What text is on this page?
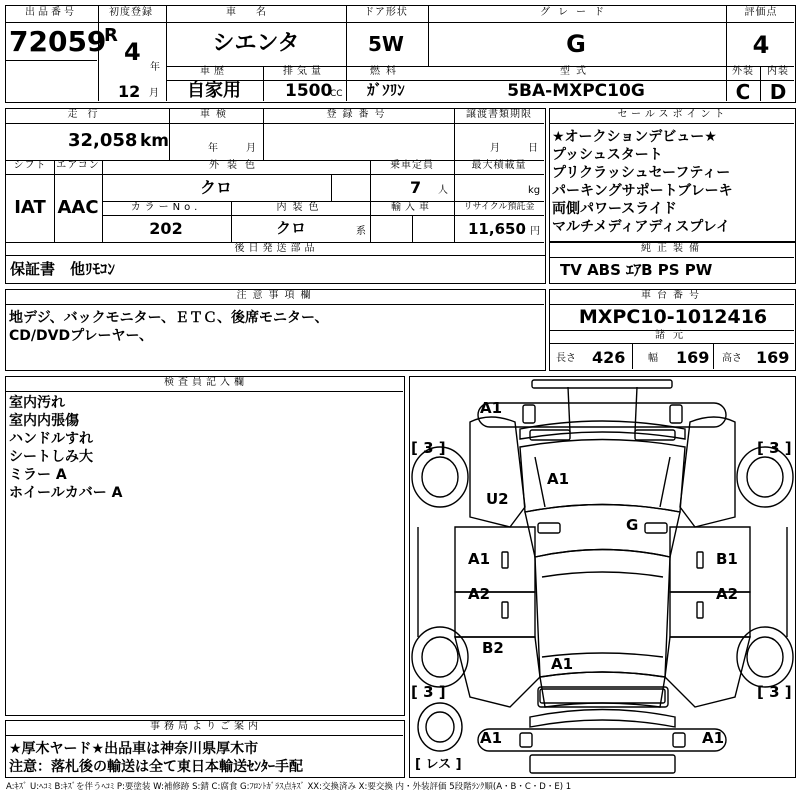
出品番号
72059
初度登録
R
4
年
12 月
車名
シエンタ
ドア形状
5W
グレード
G
評価点
4
外装	内装
C D
車歴
自家用
排気量
1500
CC
燃料
ｶﾞｿﾘﾝ
型式
5BA-MXPC10G
走行
32,058 km
車検
年	月
登録番号	譲渡書類期限
月	日
シフト エアコン
IAT AAC
外装色
クロ
乗車定員
7 人
最大積載量
kg
カラーNo.
202
内装色
クロ	系
輸入車	リサイクル預託金
11,650 円
後日発送部品
保証書　他ﾘﾓｺﾝ
セールスポイント
★オークションデビュー★
プッシュスタート
プリクラッシュセーフティー
パーキングサポートブレーキ
両側パワースライド
マルチメディアディスプレイ
純正装備
TV ABS ｴｱB PS PW
注意事項欄
地デジ、バックモニター、ＥＴＣ、後席モニター、
CD/DVDプレーヤー、
車台番号
MXPC10-1012416
諸元
長さ 426 幅 169 高さ 169
検査員記入欄
室内汚れ
室内内張傷
ハンドルすれ
シートしみ大
ミラー A
ホイールカバー A
事務局よりご案内
★厚木ヤード★出品車は神奈川県厚木市
注意：落札後の輸送は全て東日本輸送ｾﾝﾀｰ手配
A1
A1
U2
G
A1	B1
A2	A2
B2
A1
A1	A1
[ 3 ]	[ 3 ]
[ 3 ]	[ 3 ]
[ レス ]
A:ｷｽﾞ U:ﾍｺﾐ B:ｷｽﾞを伴うﾍｺﾐ P:要塗装 W:補修跡 S:錆 C:腐食 G:ﾌﾛﾝﾄｶﾞﾗｽ点ｷｽﾞ XX:交換済み X:要交換 内・外装評価 5段階ﾗﾝｸ順(A・B・C・D・E) 1
